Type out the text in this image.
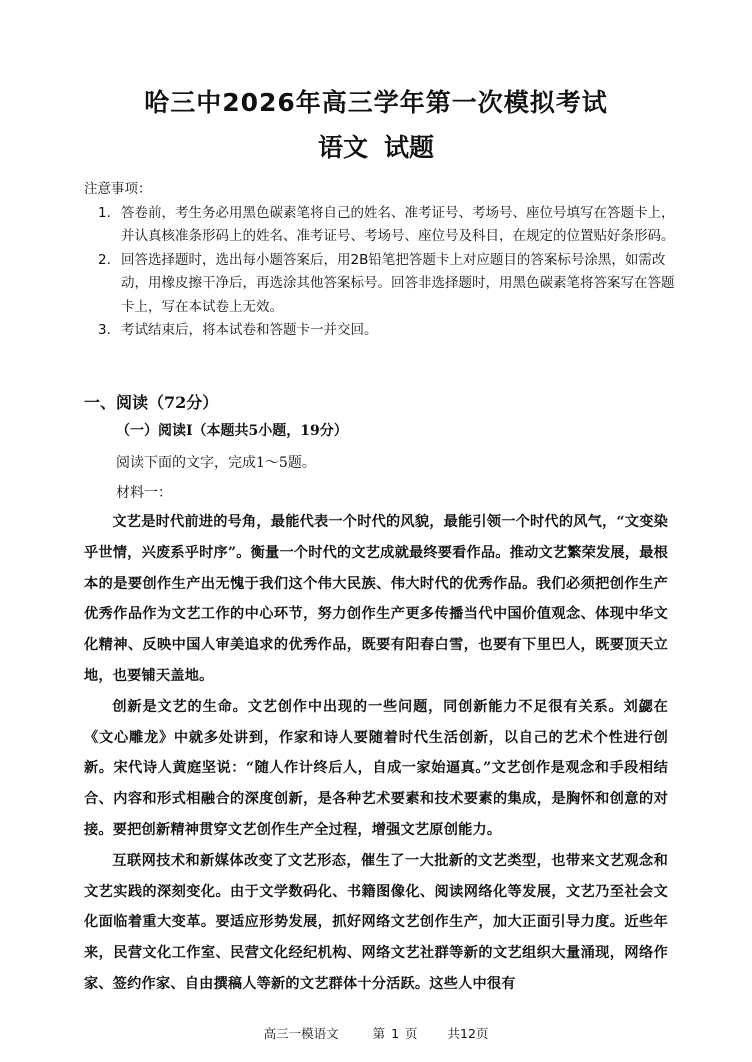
哈三中2026年高三学年第一次模拟考试
语文 试题
注意事项：
1. 答卷前，考生务必用黑色碳素笔将自己的姓名、准考证号、考场号、座位号填写在答题卡上，并认真核准条形码上的姓名、准考证号、考场号、座位号及科目，在规定的位置贴好条形码。
2. 回答选择题时，选出每小题答案后，用2B铅笔把答题卡上对应题目的答案标号涂黑，如需改动，用橡皮擦干净后，再选涂其他答案标号。回答非选择题时，用黑色碳素笔将答案写在答题卡上，写在本试卷上无效。
3. 考试结束后，将本试卷和答题卡一并交回。
一、阅读（72分）
（一）阅读Ⅰ（本题共5小题，19分）
阅读下面的文字，完成1～5题。
材料一：

文艺是时代前进的号角，最能代表一个时代的风貌，最能引领一个时代的风气，“文变染乎世情，兴废系乎时序”。衡量一个时代的文艺成就最终要看作品。推动文艺繁荣发展，最根本的是要创作生产出无愧于我们这个伟大民族、伟大时代的优秀作品。我们必须把创作生产优秀作品作为文艺工作的中心环节，努力创作生产更多传播当代中国价值观念、体现中华文化精神、反映中国人审美追求的优秀作品，既要有阳春白雪，也要有下里巴人，既要顶天立地，也要铺天盖地。

创新是文艺的生命。文艺创作中出现的一些问题，同创新能力不足很有关系。刘勰在《文心雕龙》中就多处讲到，作家和诗人要随着时代生活创新，以自己的艺术个性进行创新。宋代诗人黄庭坚说：“随人作计终后人，自成一家始逼真。”文艺创作是观念和手段相结合、内容和形式相融合的深度创新，是各种艺术要素和技术要素的集成，是胸怀和创意的对接。要把创新精神贯穿文艺创作生产全过程，增强文艺原创能力。

互联网技术和新媒体改变了文艺形态，催生了一大批新的文艺类型，也带来文艺观念和文艺实践的深刻变化。由于文学数码化、书籍图像化、阅读网络化等发展，文艺乃至社会文化面临着重大变革。要适应形势发展，抓好网络文艺创作生产，加大正面引导力度。近些年来，民营文化工作室、民营文化经纪机构、网络文艺社群等新的文艺组织大量涌现，网络作家、签约作家、自由撰稿人等新的文艺群体十分活跃。这些人中很有

高三一模语文	第 1 页 共12页
